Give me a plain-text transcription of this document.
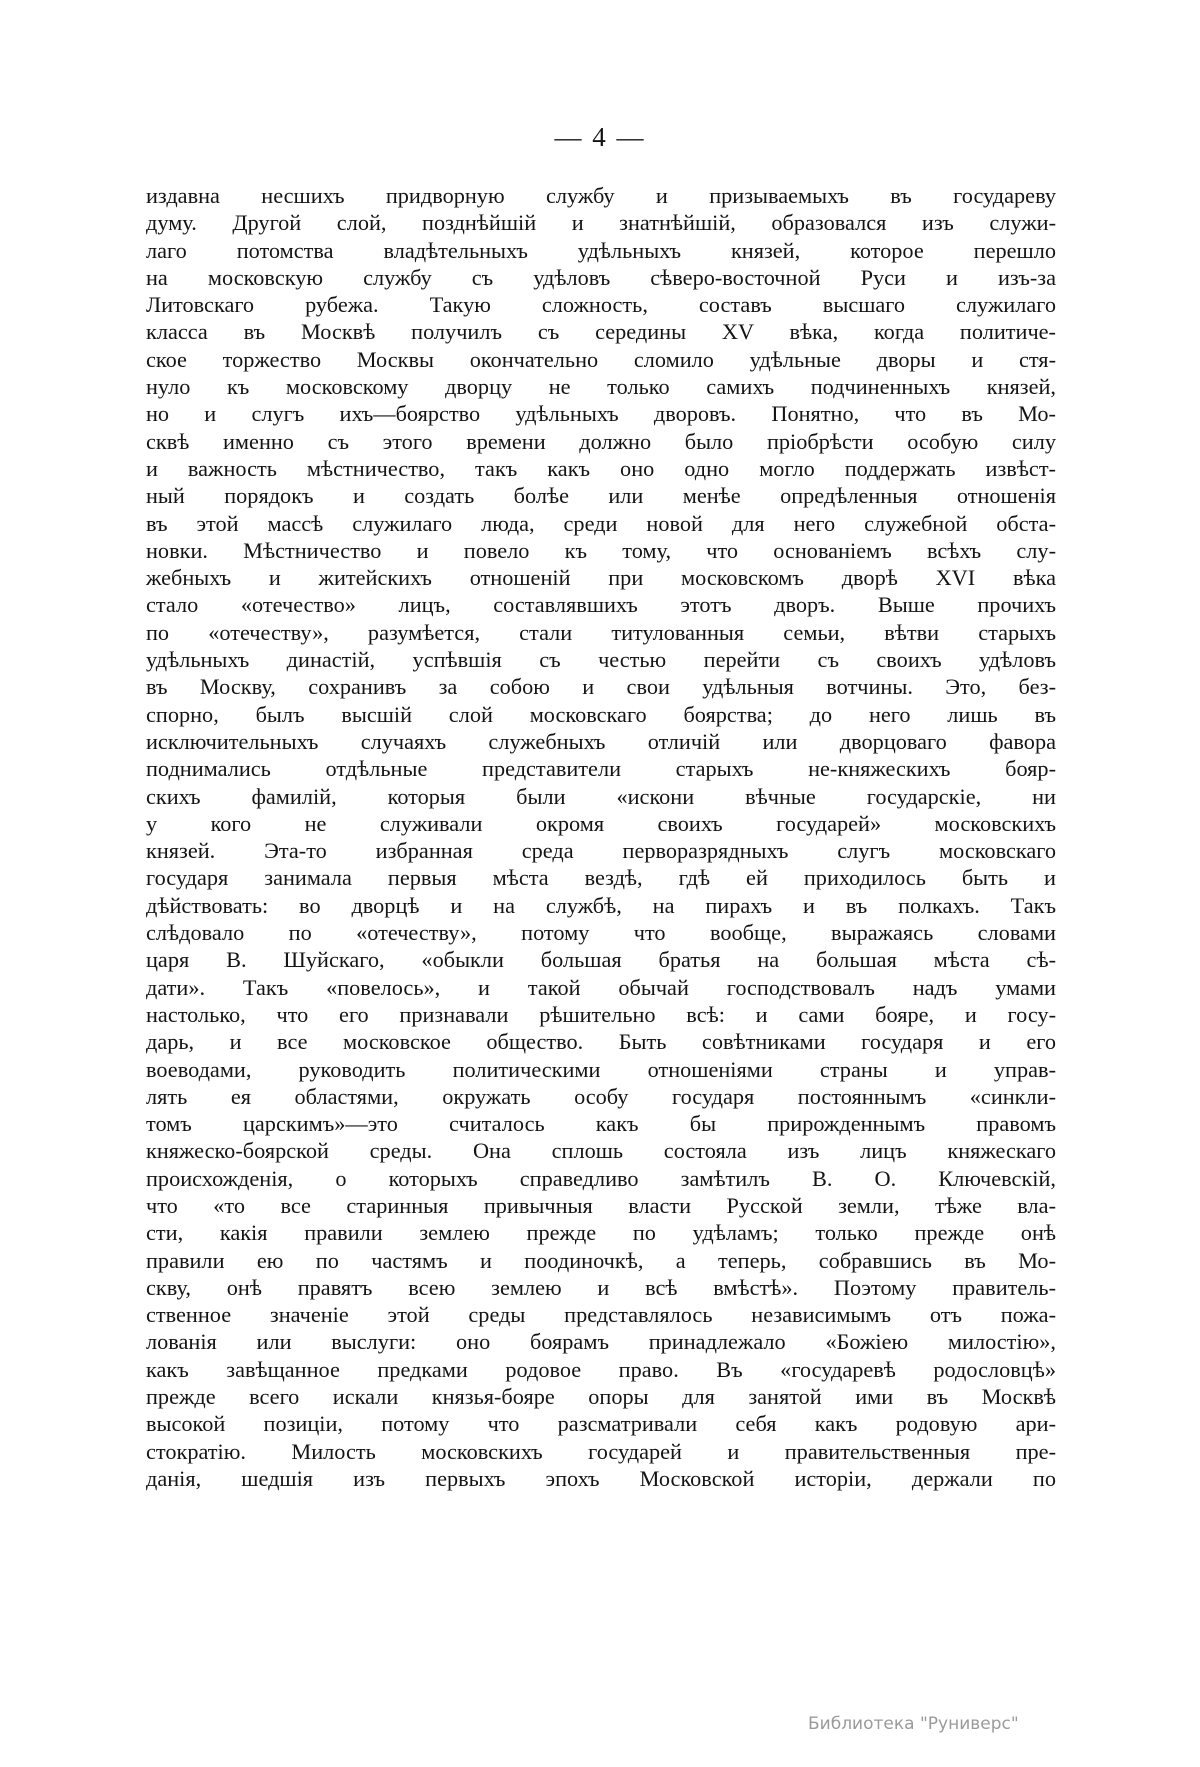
— 4 —
издавна несшихъ придворную службу и призываемыхъ въ государеву
думу. Другой слой, позднѣйшій и знатнѣйшій, образовался изъ служи-
лаго потомства владѣтельныхъ удѣльныхъ князей, которое перешло
на московскую службу съ удѣловъ сѣверо-восточной Руси и изъ-за
Литовскаго рубежа. Такую сложность, составъ высшаго служилаго
класса въ Москвѣ получилъ съ середины XV вѣка, когда политиче-
ское торжество Москвы окончательно сломило удѣльные дворы и стя-
нуло къ московскому дворцу не только самихъ подчиненныхъ князей,
но и слугъ ихъ—боярство удѣльныхъ дворовъ. Понятно, что въ Мо-
сквѣ именно съ этого времени должно было пріобрѣсти особую силу
и важность мѣстничество, такъ какъ оно одно могло поддержать извѣст-
ный порядокъ и создать болѣе или менѣе опредѣленныя отношенія
въ этой массѣ служилаго люда, среди новой для него служебной обста-
новки. Мѣстничество и повело къ тому, что основаніемъ всѣхъ слу-
жебныхъ и житейскихъ отношеній при московскомъ дворѣ XVI вѣка
стало «отечество» лицъ, составлявшихъ этотъ дворъ. Выше прочихъ
по «отечеству», разумѣется, стали титулованныя семьи, вѣтви старыхъ
удѣльныхъ династій, успѣвшія съ честью перейти съ своихъ удѣловъ
въ Москву, сохранивъ за собою и свои удѣльныя вотчины. Это, без-
спорно, былъ высшій слой московскаго боярства; до него лишь въ
исключительныхъ случаяхъ служебныхъ отличій или дворцоваго фавора
поднимались отдѣльные представители старыхъ не-княжескихъ бояр-
скихъ фамилій, которыя были «искони вѣчные государскіе, ни
у кого не служивали окромя своихъ государей» московскихъ
князей. Эта-то избранная среда перворазрядныхъ слугъ московскаго
государя занимала первыя мѣста вездѣ, гдѣ ей приходилось быть и
дѣйствовать: во дворцѣ и на службѣ, на пирахъ и въ полкахъ. Такъ
слѣдовало по «отечеству», потому что вообще, выражаясь словами
царя В. Шуйскаго, «обыкли большая братья на большая мѣста сѣ-
дати». Такъ «повелось», и такой обычай господствовалъ надъ умами
настолько, что его признавали рѣшительно всѣ: и сами бояре, и госу-
дарь, и все московское общество. Быть совѣтниками государя и его
воеводами, руководить политическими отношеніями страны и управ-
лять ея областями, окружать особу государя постояннымъ «синкли-
томъ царскимъ»—это считалось какъ бы прирожденнымъ правомъ
княжеско-боярской среды. Она сплошь состояла изъ лицъ княжескаго
происхожденія, о которыхъ справедливо замѣтилъ В. О. Ключевскій,
что «то все старинныя привычныя власти Русской земли, тѣже вла-
сти, какія правили землею прежде по удѣламъ; только прежде онѣ
правили ею по частямъ и поодиночкѣ, а теперь, собравшись въ Мо-
скву, онѣ правятъ всею землею и всѣ вмѣстѣ». Поэтому правитель-
ственное значеніе этой среды представлялось независимымъ отъ пожа-
лованія или выслуги: оно боярамъ принадлежало «Божіею милостію»,
какъ завѣщанное предками родовое право. Въ «государевѣ родословцѣ»
прежде всего искали князья-бояре опоры для занятой ими въ Москвѣ
высокой позиціи, потому что разсматривали себя какъ родовую ари-
стократію. Милость московскихъ государей и правительственныя пре-
данія, шедшія изъ первыхъ эпохъ Московской исторіи, держали по
Библиотека "Руниверс"
